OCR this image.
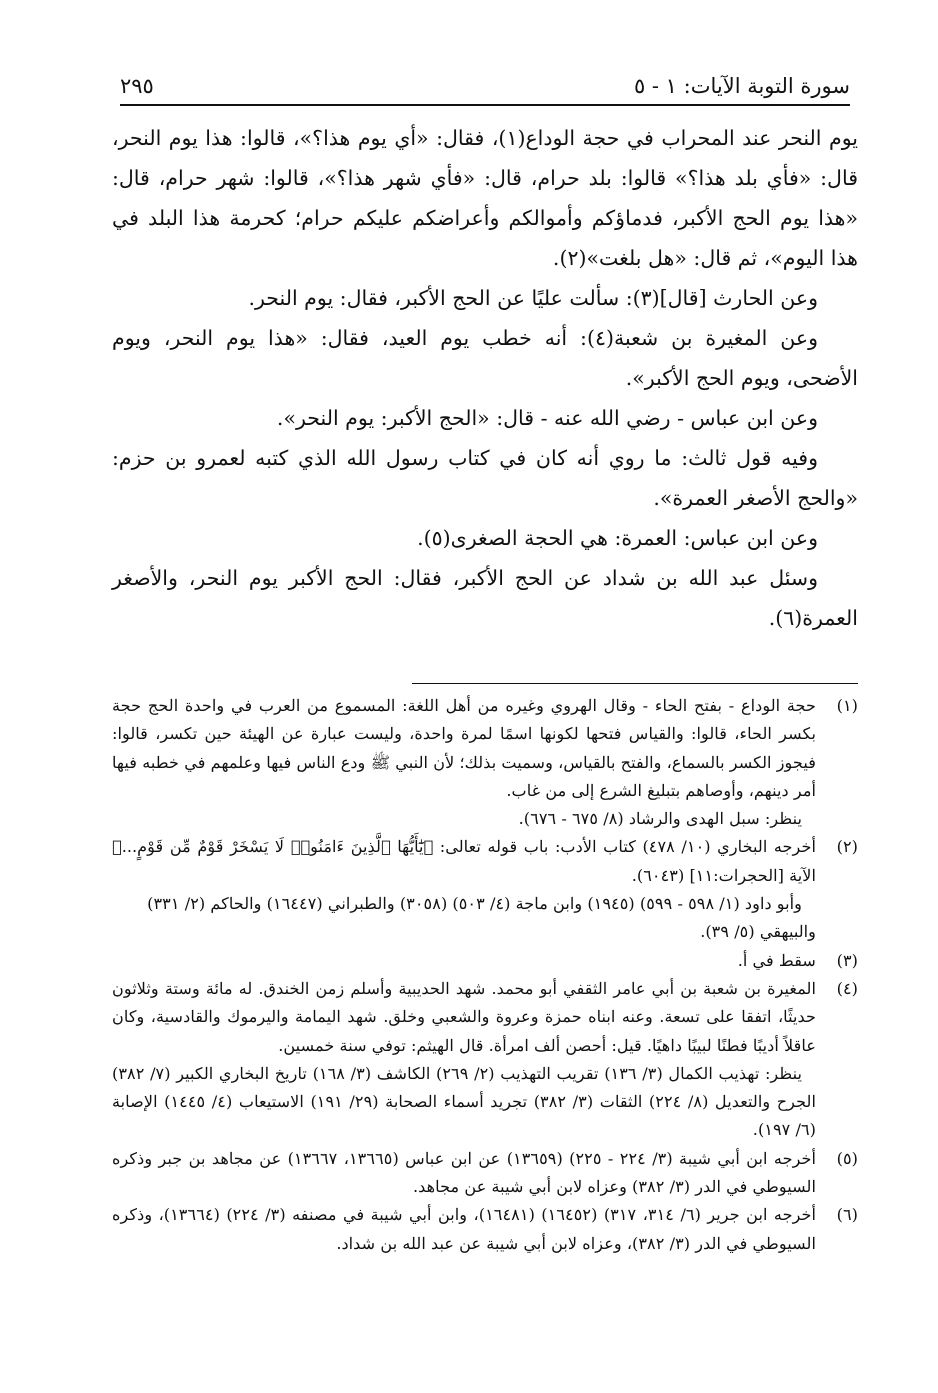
سورة التوبة الآيات: ١ - ٥
٢٩٥

يوم النحر عند المحراب في حجة الوداع(١)، فقال: «أي يوم هذا؟»، قالوا: هذا يوم النحر، قال: «فأي بلد هذا؟» قالوا: بلد حرام، قال: «فأي شهر هذا؟»، قالوا: شهر حرام، قال: «هذا يوم الحج الأكبر، فدماؤكم وأموالكم وأعراضكم عليكم حرام؛ كحرمة هذا البلد في هذا اليوم»، ثم قال: «هل بلغت»(٢).

وعن الحارث [قال](٣): سألت عليًا عن الحج الأكبر، فقال: يوم النحر.

وعن المغيرة بن شعبة(٤): أنه خطب يوم العيد، فقال: «هذا يوم النحر، ويوم الأضحى، ويوم الحج الأكبر».

وعن ابن عباس - رضي الله عنه - قال: «الحج الأكبر: يوم النحر».

وفيه قول ثالث: ما روي أنه كان في كتاب رسول الله الذي كتبه لعمرو بن حزم: «والحج الأصغر العمرة».

وعن ابن عباس: العمرة: هي الحجة الصغرى(٥).

وسئل عبد الله بن شداد عن الحج الأكبر، فقال: الحج الأكبر يوم النحر، والأصغر العمرة(٦).

(١)

حجة الوداع - بفتح الحاء - وقال الهروي وغيره من أهل اللغة: المسموع من العرب في واحدة الحج حجة بكسر الحاء، قالوا: والقياس فتحها لكونها اسمًا لمرة واحدة، وليست عبارة عن الهيئة حين تكسر، قالوا: فيجوز الكسر بالسماع، والفتح بالقياس، وسميت بذلك؛ لأن النبي ﷺ ودع الناس فيها وعلمهم في خطبه فيها أمر دينهم، وأوصاهم بتبليغ الشرع إلى من غاب.

ينظر: سبل الهدى والرشاد (٨/ ٦٧٥ - ٦٧٦).

(٢)

أخرجه البخاري (١٠/ ٤٧٨) كتاب الأدب: باب قوله تعالى: ﴿يَٰٓأَيُّهَا ٱلَّذِينَ ءَامَنُوا۟ لَا يَسْخَرْ قَوْمٌ مِّن قَوْمٍ...﴾ الآية [الحجرات:١١] (٦٠٤٣).

وأبو داود (١/ ٥٩٨ - ٥٩٩) (١٩٤٥) وابن ماجة (٤/ ٥٠٣) (٣٠٥٨) والطبراني (١٦٤٤٧) والحاكم (٢/ ٣٣١) والبيهقي (٥/ ٣٩).

(٣)

سقط في أ.

(٤)

المغيرة بن شعبة بن أبي عامر الثقفي أبو محمد. شهد الحديبية وأسلم زمن الخندق. له مائة وستة وثلاثون حديثًا، اتفقا على تسعة. وعنه ابناه حمزة وعروة والشعبي وخلق. شهد اليمامة واليرموك والقادسية، وكان عاقلاً أديبًا فطنًا لبيبًا داهيًا. قيل: أحصن ألف امرأة. قال الهيثم: توفي سنة خمسين.

ينظر: تهذيب الكمال (٣/ ١٣٦) تقريب التهذيب (٢/ ٢٦٩) الكاشف (٣/ ١٦٨) تاريخ البخاري الكبير (٧/ ٣٨٢) الجرح والتعديل (٨/ ٢٢٤) الثقات (٣/ ٣٨٢) تجريد أسماء الصحابة (٢٩/ ١٩١) الاستيعاب (٤/ ١٤٤٥) الإصابة (٦/ ١٩٧).

(٥)

أخرجه ابن أبي شيبة (٣/ ٢٢٤ - ٢٢٥) (١٣٦٥٩) عن ابن عباس (١٣٦٦٥، ١٣٦٦٧) عن مجاهد بن جبر وذكره السيوطي في الدر (٣/ ٣٨٢) وعزاه لابن أبي شيبة عن مجاهد.

(٦)

أخرجه ابن جرير (٦/ ٣١٤، ٣١٧) (١٦٤٥٢) (١٦٤٨١)، وابن أبي شيبة في مصنفه (٣/ ٢٢٤) (١٣٦٦٤)، وذكره السيوطي في الدر (٣/ ٣٨٢)، وعزاه لابن أبي شيبة عن عبد الله بن شداد.
